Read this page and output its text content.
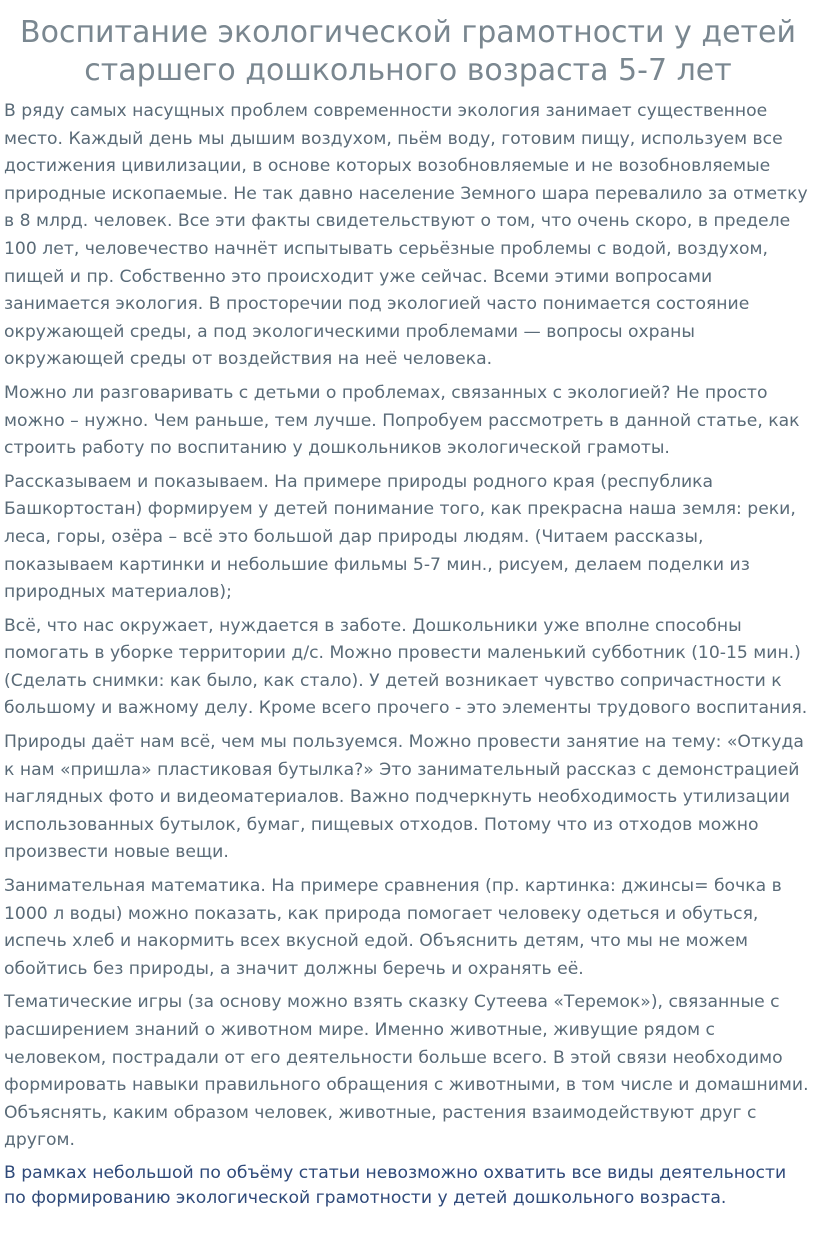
Воспитание экологической грамотности у детей старшего дошкольного возраста 5-7 лет

В ряду самых насущных проблем современности экология занимает существенное место. Каждый день мы дышим воздухом, пьём воду, готовим пищу, используем все достижения цивилизации, в основе которых возобновляемые и не возобновляемые природные ископаемые. Не так давно население Земного шара перевалило за отметку в 8 млрд. человек. Все эти факты свидетельствуют о том, что очень скоро, в пределе 100 лет, человечество начнёт испытывать серьёзные проблемы с водой, воздухом, пищей и пр. Собственно это происходит уже сейчас. Всеми этими вопросами занимается экология. В просторечии под экологией часто понимается состояние окружающей среды, а под экологическими проблемами — вопросы охраны окружающей среды от воздействия на неё человека.

Можно ли разговаривать с детьми о проблемах, связанных с экологией? Не просто можно – нужно. Чем раньше, тем лучше. Попробуем рассмотреть в данной статье, как строить работу по воспитанию у дошкольников экологической грамоты.

Рассказываем и показываем. На примере природы родного края (республика Башкортостан) формируем у детей понимание того, как прекрасна наша земля: реки, леса, горы, озёра – всё это большой дар природы людям. (Читаем рассказы, показываем картинки и небольшие фильмы 5-7 мин., рисуем, делаем поделки из природных материалов);

Всё, что нас окружает, нуждается в заботе. Дошкольники уже вполне способны помогать в уборке территории д/с. Можно провести маленький субботник (10-15 мин.) (Сделать снимки: как было, как стало). У детей возникает чувство сопричастности к большому и важному делу. Кроме всего прочего - это элементы трудового воспитания.

Природы даёт нам всё, чем мы пользуемся. Можно провести занятие на тему: «Откуда к нам «пришла» пластиковая бутылка?» Это занимательный рассказ с демонстрацией наглядных фото и видеоматериалов. Важно подчеркнуть необходимость утилизации использованных бутылок, бумаг, пищевых отходов. Потому что из отходов можно произвести новые вещи.

Занимательная математика. На примере сравнения (пр. картинка: джинсы= бочка в 1000 л воды) можно показать, как природа помогает человеку одеться и обуться, испечь хлеб и накормить всех вкусной едой. Объяснить детям, что мы не можем обойтись без природы, а значит должны беречь и охранять её.

Тематические игры (за основу можно взять сказку Сутеева «Теремок»), связанные с расширением знаний о животном мире. Именно животные, живущие рядом с человеком, пострадали от его деятельности больше всего. В этой связи необходимо формировать навыки правильного обращения с животными, в том числе и домашними. Объяснять, каким образом человек, животные, растения взаимодействуют друг с другом.

В рамках небольшой по объёму статьи невозможно охватить все виды деятельности по формированию экологической грамотности у детей дошкольного возраста.
